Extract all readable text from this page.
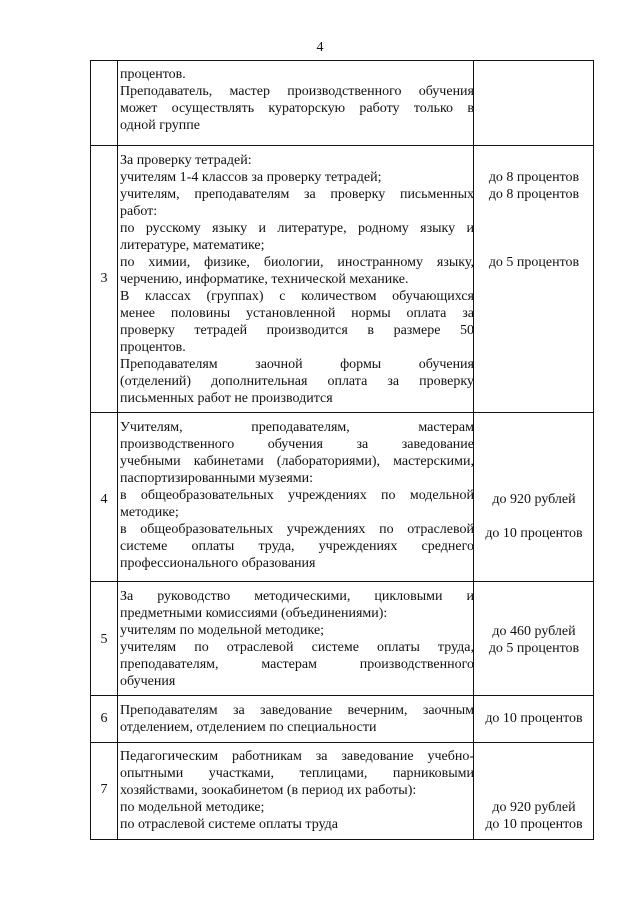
4
процентов.
Преподаватель, мастер производственного обучения
может осуществлять кураторскую работу только в
одной группе
3
За проверку тетрадей:
учителям 1-4 классов за проверку тетрадей;
учителям, преподавателям за проверку письменных
работ:
по русскому языку и литературе, родному языку и
литературе, математике;
по химии, физике, биологии, иностранному языку,
черчению, информатике, технической механике.
В классах (группах) с количеством обучающихся
менее половины установленной нормы оплата за
проверку тетрадей производится в размере 50
процентов.
Преподавателям заочной формы обучения
(отделений) дополнительная оплата за проверку
письменных работ не производится
до 8 процентов
до 8 процентов
до 5 процентов
4
Учителям, преподавателям, мастерам
производственного обучения за заведование
учебными кабинетами (лабораториями), мастерскими,
паспортизированными музеями:
в общеобразовательных учреждениях по модельной
методике;
в общеобразовательных учреждениях по отраслевой
системе оплаты труда, учреждениях среднего
профессионального образования
до 920 рублей
до 10 процентов
5
За руководство методическими, цикловыми и
предметными комиссиями (объединениями):
учителям по модельной методике;
учителям по отраслевой системе оплаты труда,
преподавателям, мастерам производственного
обучения
до 460 рублей
до 5 процентов
6
Преподавателям за заведование вечерним, заочным
отделением, отделением по специальности
до 10 процентов
7
Педагогическим работникам за заведование учебно-
опытными участками, теплицами, парниковыми
хозяйствами, зоокабинетом (в период их работы):
по модельной методике;
по отраслевой системе оплаты труда
до 920 рублей
до 10 процентов
